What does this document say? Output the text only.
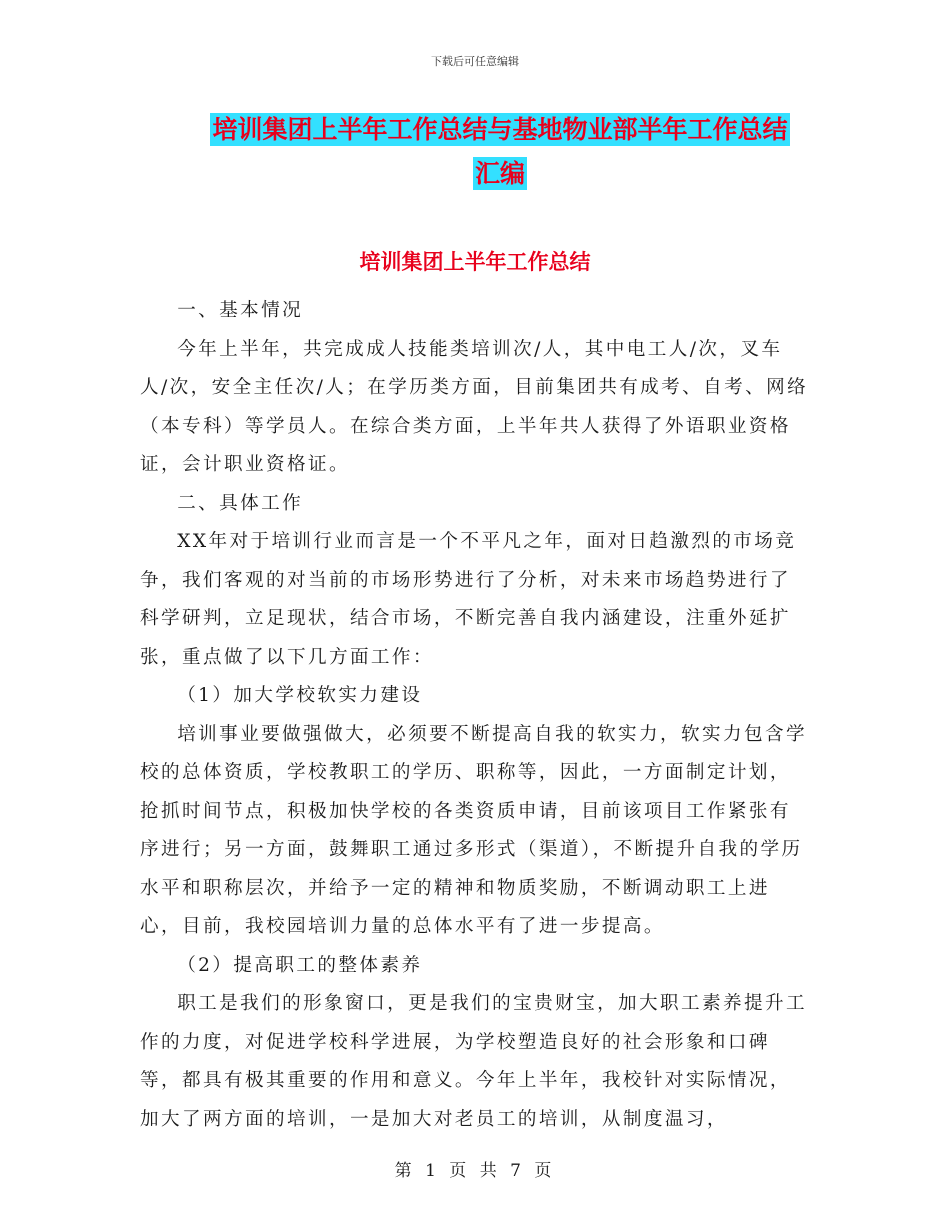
下载后可任意编辑
培训集团上半年工作总结与基地物业部半年工作总结
汇编
培训集团上半年工作总结

一、基本情况

今年上半年，共完成成人技能类培训次/人，其中电工人/次，叉车人/次，安全主任次/人；在学历类方面，目前集团共有成考、自考、网络（本专科）等学员人。在综合类方面，上半年共人获得了外语职业资格证，会计职业资格证。

二、具体工作

XX年对于培训行业而言是一个不平凡之年，面对日趋激烈的市场竞争，我们客观的对当前的市场形势进行了分析，对未来市场趋势进行了科学研判，立足现状，结合市场，不断完善自我内涵建设，注重外延扩张，重点做了以下几方面工作：

（1）加大学校软实力建设

培训事业要做强做大，必须要不断提高自我的软实力，软实力包含学校的总体资质，学校教职工的学历、职称等，因此，一方面制定计划，抢抓时间节点，积极加快学校的各类资质申请，目前该项目工作紧张有序进行；另一方面，鼓舞职工通过多形式（渠道），不断提升自我的学历水平和职称层次，并给予一定的精神和物质奖励，不断调动职工上进心，目前，我校园培训力量的总体水平有了进一步提高。

（2）提高职工的整体素养

职工是我们的形象窗口，更是我们的宝贵财宝，加大职工素养提升工作的力度，对促进学校科学进展，为学校塑造良好的社会形象和口碑等，都具有极其重要的作用和意义。今年上半年，我校针对实际情况，加大了两方面的培训，一是加大对老员工的培训，从制度温习，

第 1 页 共 7 页
